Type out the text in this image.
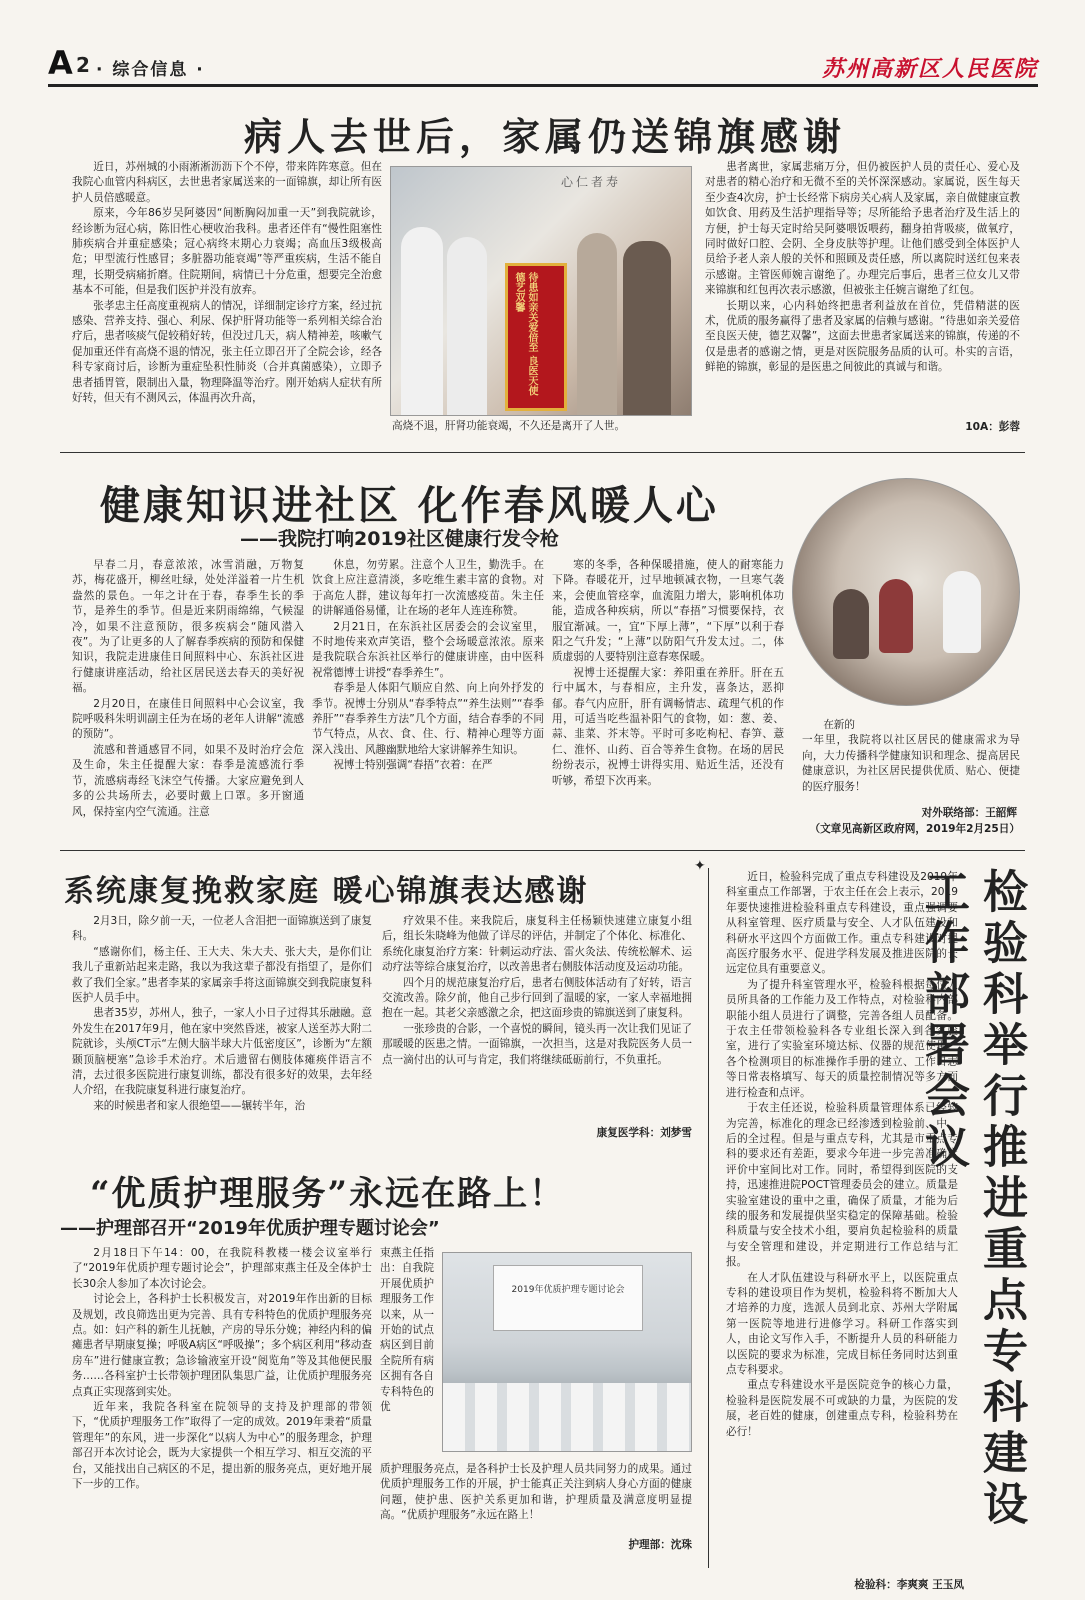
A 2 · 综合信息 ·	苏州高新区人民医院
病人去世后，家属仍送锦旗感谢

近日，苏州城的小雨淅淅沥沥下个不停，带来阵阵寒意。但在我院心血管内科病区，去世患者家属送来的一面锦旗，却让所有医护人员倍感暖意。

原来，今年86岁吴阿婆因“间断胸闷加重一天”到我院就诊，经诊断为冠心病，陈旧性心梗收治我科。患者还伴有“慢性阻塞性肺疾病合并重症感染；冠心病终末期心力衰竭；高血压3级极高危；甲型流行性感冒；多脏器功能衰竭”等严重疾病，生活不能自理，长期受病痛折磨。住院期间，病情已十分危重，想要完全治愈基本不可能，但是我们医护并没有放弃。

张孝忠主任高度重视病人的情况，详细制定诊疗方案，经过抗感染、营养支持、强心、利尿、保护肝肾功能等一系列相关综合治疗后，患者咳痰气促较稍好转，但没过几天，病人精神差，咳嗽气促加重还伴有高烧不退的情况，张主任立即召开了全院会诊，经各科专家商讨后，诊断为重症坠积性肺炎（合并真菌感染），立即予患者插胃管，限制出入量，物理降温等治疗。刚开始病人症状有所好转，但天有不测风云，体温再次升高，

心仁者寿
待患如亲关爱倍至 良医天使德艺双馨
高烧不退，肝肾功能衰竭，不久还是离开了人世。

患者离世，家属悲痛万分，但仍被医护人员的责任心、爱心及对患者的精心治疗和无微不至的关怀深深感动。家属说，医生每天至少查4次房，护士长经常下病房关心病人及家属，亲自做健康宣教如饮食、用药及生活护理指导等；尽所能给予患者治疗及生活上的方便，护士每天定时给吴阿婆喂饭喂药，翻身拍背吸痰，做氧疗，同时做好口腔、会阴、全身皮肤等护理。让他们感受到全体医护人员给予老人亲人般的关怀和照顾及责任感，所以离院时送红包来表示感谢。主管医师婉言谢绝了。办理完后事后，患者三位女儿又带来锦旗和红包再次表示感激，但被张主任婉言谢绝了红包。

长期以来，心内科始终把患者利益放在首位，凭借精湛的医术，优质的服务赢得了患者及家属的信赖与感谢。“待患如亲关爱倍至良医天使，德艺双馨”，这面去世患者家属送来的锦旗，传递的不仅是患者的感谢之情，更是对医院服务品质的认可。朴实的言语，鲜艳的锦旗，彰显的是医患之间彼此的真诚与和谐。

10A：彭蓉
健康知识进社区 化作春风暖人心
——我院打响2019社区健康行发令枪

早春二月，春意浓浓，冰雪消融，万物复苏，梅花盛开，柳丝吐绿，处处洋溢着一片生机盎然的景色。一年之计在于春，春季生长的季节，是养生的季节。但是近来阴雨绵绵，气候湿冷，如果不注意预防，很多疾病会“随风潜入夜”。为了让更多的人了解春季疾病的预防和保健知识，我院走进康佳日间照料中心、东浜社区进行健康讲座活动，给社区居民送去春天的美好祝福。

2月20日，在康佳日间照料中心会议室，我院呼吸科朱明训副主任为在场的老年人讲解“流感的预防”。

流感和普通感冒不同，如果不及时治疗会危及生命，朱主任提醒大家：春季是流感流行季节，流感病毒经飞沫空气传播。大家应避免到人多的公共场所去，必要时戴上口罩。多开窗通风，保持室内空气流通。注意

休息，勿劳累。注意个人卫生，勤洗手。在饮食上应注意清淡，多吃维生素丰富的食物。对于高危人群，建议每年打一次流感疫苗。朱主任的讲解通俗易懂，让在场的老年人连连称赞。

2月21日，在东浜社区居委会的会议室里，不时地传来欢声笑语，整个会场暖意浓浓。原来是我院联合东浜社区举行的健康讲座，由中医科祝常德博士讲授“春季养生”。

春季是人体阳气顺应自然、向上向外抒发的季节。祝博士分别从“春季特点”“养生法则”“春季养肝”“春季养生方法”几个方面，结合春季的不同节气特点，从衣、食、住、行、精神心理等方面深入浅出、风趣幽默地给大家讲解养生知识。

祝博士特别强调“春捂”衣着：在严

寒的冬季，各种保暖措施，使人的耐寒能力下降。春暖花开，过早地顿减衣物，一旦寒气袭来，会使血管痉挛，血流阻力增大，影响机体功能，造成各种疾病，所以“春捂”习惯要保持，衣服宜渐减。一，宜“下厚上薄”，“下厚”以利于春阳之气升发；“上薄”以防阳气升发太过。二，体质虚弱的人要特别注意春寒保暖。

祝博士还提醒大家：养阳重在养肝。肝在五行中属木，与春相应，主升发，喜条达，恶抑郁。春气内应肝，肝有调畅情志、疏理气机的作用，可适当吃些温补阳气的食物，如：葱、姜、蒜、韭菜、芥末等。平时可多吃枸杞、春笋、薏仁、淮怀、山药、百合等养生食物。在场的居民纷纷表示，祝博士讲得实用、贴近生活，还没有听够，希望下次再来。

在新的
一年里，我院将以社区居民的健康需求为导向，大力传播科学健康知识和理念、提高居民健康意识，为社区居民提供优质、贴心、便捷的医疗服务！
对外联络部：王韶辉
（文章见高新区政府网，2019年2月25日）
系统康复挽救家庭 暖心锦旗表达感谢

2月3日，除夕前一天，一位老人含泪把一面锦旗送到了康复科。

“感谢你们，杨主任、王大夫、朱大夫、张大夫，是你们让我儿子重新站起来走路，我以为我这辈子都没有指望了，是你们救了我们全家。”患者李某的家属亲手将这面锦旗交到我院康复科医护人员手中。

患者35岁，苏州人，独子，一家人小日子过得其乐融融。意外发生在2017年9月，他在家中突然昏迷，被家人送至苏大附二院就诊，头颅CT示“左侧大脑半球大片低密度区”，诊断为“左额颞顶脑梗塞”急诊手术治疗。术后遗留右侧肢体瘫痪伴语言不清，去过很多医院进行康复训练，都没有很多好的效果，去年经人介绍，在我院康复科进行康复治疗。

来的时候患者和家人很绝望——辗转半年，治

疗效果不佳。来我院后，康复科主任杨颖快速建立康复小组后，组长朱晓峰为他做了详尽的评估，并制定了个体化、标准化、系统化康复治疗方案：针刺运动疗法、雷火灸法、传统松解术、运动疗法等综合康复治疗，以改善患者右侧肢体活动度及运动功能。

四个月的规范康复治疗后，患者右侧肢体活动有了好转，语言交流改善。除夕前，他自己步行回到了温暖的家，一家人幸福地拥抱在一起。其老父亲感激之余，把这面珍贵的锦旗送到了康复科。

一张珍贵的合影，一个喜悦的瞬间，镜头再一次让我们见证了那暖暖的医患之情。一面锦旗，一次担当，这是对我院医务人员一点一滴付出的认可与肯定，我们将继续砥砺前行，不负重托。

康复医学科：刘梦雪
“优质护理服务”永远在路上！
——护理部召开“2019年优质护理专题讨论会”

2月18日下午14：00，在我院科教楼一楼会议室举行了“2019年优质护理专题讨论会”，护理部束燕主任及全体护士长30余人参加了本次讨论会。

讨论会上，各科护士长积极发言，对2019年作出新的目标及规划，改良筛选出更为完善、具有专科特色的优质护理服务亮点。如：妇产科的新生儿抚触，产房的导乐分娩；神经内科的偏瘫患者早期康复操；呼吸A病区“呼吸操”；多个病区利用“移动查房车”进行健康宣教；急诊输液室开设“阅览角”等及其他便民服务……各科室护士长带领护理团队集思广益，让优质护理服务亮点真正实现落到实处。

近年来，我院各科室在院领导的支持及护理部的带领下，“优质护理服务工作”取得了一定的成效。2019年秉着“质量管理年”的东风，进一步深化“以病人为中心”的服务理念，护理部召开本次讨论会，既为大家提供一个相互学习、相互交流的平台，又能找出自己病区的不足，提出新的服务亮点，更好地开展下一步的工作。

束燕主任指出：自我院开展优质护理服务工作以来，从一开始的试点病区到目前全院所有病区拥有各自专科特色的优
2019年优质护理专题讨论会
质护理服务亮点，是各科护士长及护理人员共同努力的成果。通过优质护理服务工作的开展，护士能真正关注到病人身心方面的健康问题，使护患、医护关系更加和谐，护理质量及满意度明显提高。“优质护理服务”永远在路上！
护理部：沈珠
✦

近日，检验科完成了重点专科建设及2019年科室重点工作部署，于农主任在会上表示，2019年要快速推进检验科重点专科建设，重点强调要从科室管理、医疗质量与安全、人才队伍建设和科研水平这四个方面做工作。重点专科建设对提高医疗服务水平、促进学科发展及推进医院的长远定位具有重要意义。

为了提升科室管理水平，检验科根据每位人员所具备的工作能力及工作特点，对检验科内部职能小组人员进行了调整，完善各组人员配备。于农主任带领检验科各专业组长深入到各实验室，进行了实验室环境达标、仪器的规范使用、各个检测项目的标准操作手册的建立、工作日志等日常表格填写、每天的质量控制情况等多方面进行检查和点评。

于农主任还说，检验科质量管理体系已经较为完善，标准化的理念已经渗透到检验前、中、后的全过程。但是与重点专科，尤其是市重点专科的要求还有差距，要求今年进一步完善准确度评价中室间比对工作。同时，希望得到医院的支持，迅速推进院POCT管理委员会的建立。质量是实验室建设的重中之重，确保了质量，才能为后续的服务和发展提供坚实稳定的保障基础。检验科质量与安全技术小组，要肩负起检验科的质量与安全管理和建设，并定期进行工作总结与汇报。

在人才队伍建设与科研水平上，以医院重点专科的建设项目作为契机，检验科将不断加大人才培养的力度，选派人员到北京、苏州大学附属第一医院等地进行进修学习。科研工作落实到人，由论文写作入手，不断提升人员的科研能力以医院的要求为标准，完成目标任务同时达到重点专科要求。

重点专科建设水平是医院竞争的核心力量，检验科是医院发展不可或缺的力量，为医院的发展，老百姓的健康，创建重点专科，检验科势在必行！	检验科举行推进重点专科建设工作部署会议
检验科：李爽爽 王玉凤
